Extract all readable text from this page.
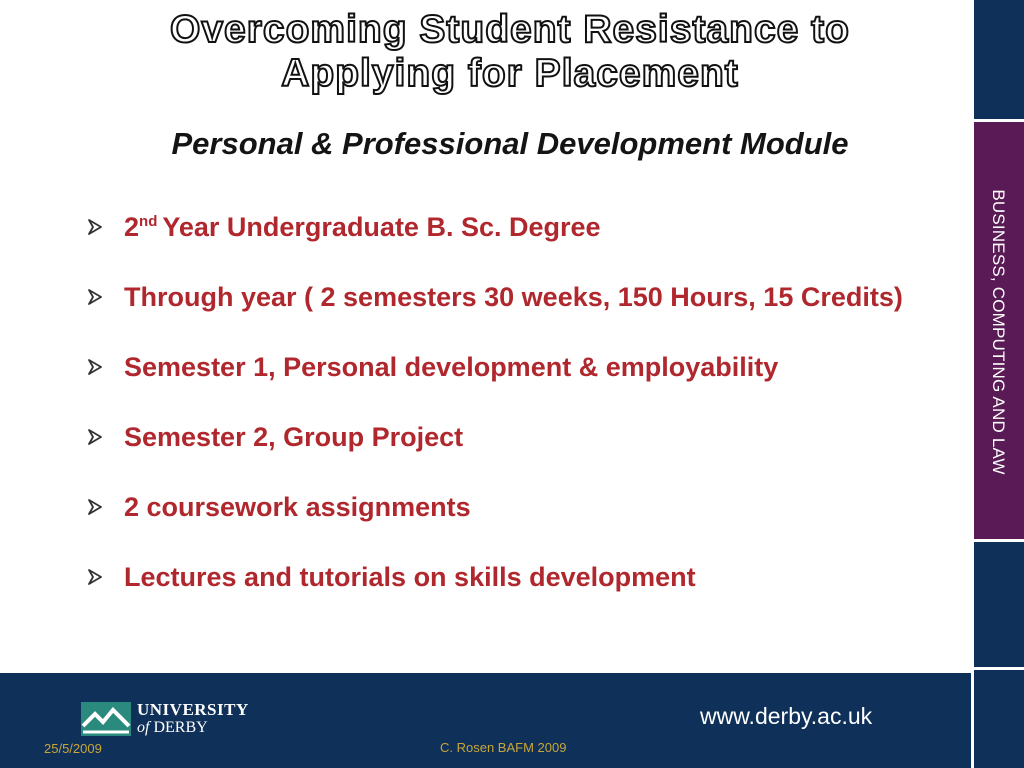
BUSINESS, COMPUTING AND LAW
Overcoming Student Resistance to
Applying for Placement
Personal & Professional Development Module
2nd Year Undergraduate B. Sc. Degree
Through year ( 2 semesters 30 weeks, 150 Hours, 15 Credits)
Semester 1, Personal development & employability
Semester 2, Group Project
2 coursework assignments
Lectures and tutorials on skills development
UNIVERSITY
of DERBY	www.derby.ac.uk
25/5/2009	C. Rosen BAFM 2009
